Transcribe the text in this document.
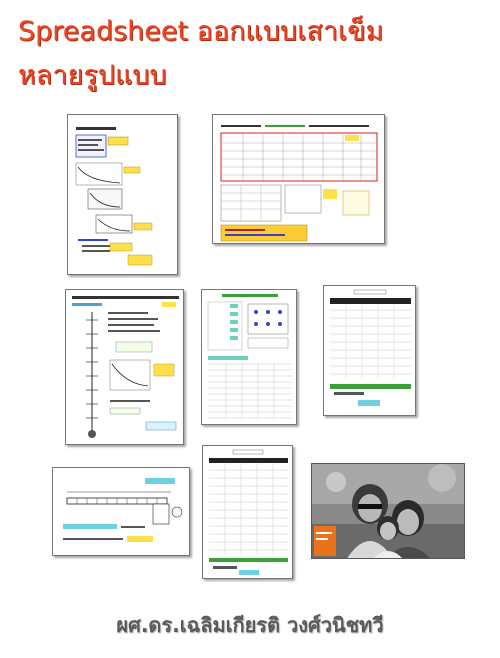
Spreadsheet ออกแบบเสาเข็ม
หลายรูปแบบ
ผศ.ดร.เฉลิมเกียรติ วงศ์วนิชทวี
